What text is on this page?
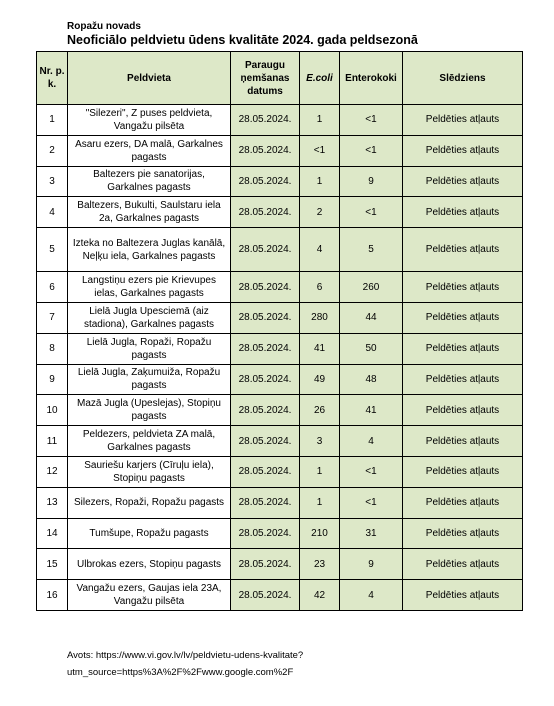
Ropažu novads
Neoficiālo peldvietu ūdens kvalitāte 2024. gada peldsezonā
Nr. p. k.	Peldvieta	Paraugu ņemšanas datums	E.coli	Enterokoki	Slēdziens
1	"Silezeri", Z puses peldvieta, Vangažu pilsēta	28.05.2024.	1	<1	Peldēties atļauts
2	Asaru ezers, DA malā, Garkalnes pagasts	28.05.2024.	<1	<1	Peldēties atļauts
3	Baltezers pie sanatorijas, Garkalnes pagasts	28.05.2024.	1	9	Peldēties atļauts
4	Baltezers, Bukulti, Saulstaru iela 2a, Garkalnes pagasts	28.05.2024.	2	<1	Peldēties atļauts
5	Izteka no Baltezera Juglas kanālā, Neļķu iela, Garkalnes pagasts	28.05.2024.	4	5	Peldēties atļauts
6	Langstiņu ezers pie Krievupes ielas, Garkalnes pagasts	28.05.2024.	6	260	Peldēties atļauts
7	Lielā Jugla Upesciemā (aiz stadiona), Garkalnes pagasts	28.05.2024.	280	44	Peldēties atļauts
8	Lielā Jugla, Ropaži, Ropažu pagasts	28.05.2024.	41	50	Peldēties atļauts
9	Lielā Jugla, Zaķumuiža, Ropažu pagasts	28.05.2024.	49	48	Peldēties atļauts
10	Mazā Jugla (Upeslejas), Stopiņu pagasts	28.05.2024.	26	41	Peldēties atļauts
11	Peldezers, peldvieta ZA malā, Garkalnes pagasts	28.05.2024.	3	4	Peldēties atļauts
12	Sauriešu karjers (Cīruļu iela), Stopiņu pagasts	28.05.2024.	1	<1	Peldēties atļauts
13	Silezers, Ropaži, Ropažu pagasts	28.05.2024.	1	<1	Peldēties atļauts
14	Tumšupe, Ropažu pagasts	28.05.2024.	210	31	Peldēties atļauts
15	Ulbrokas ezers, Stopiņu pagasts	28.05.2024.	23	9	Peldēties atļauts
16	Vangažu ezers, Gaujas iela 23A, Vangažu pilsēta	28.05.2024.	42	4	Peldēties atļauts
Avots: https://www.vi.gov.lv/lv/peldvietu-udens-kvalitate?utm_source=https%3A%2F%2Fwww.google.com%2F
